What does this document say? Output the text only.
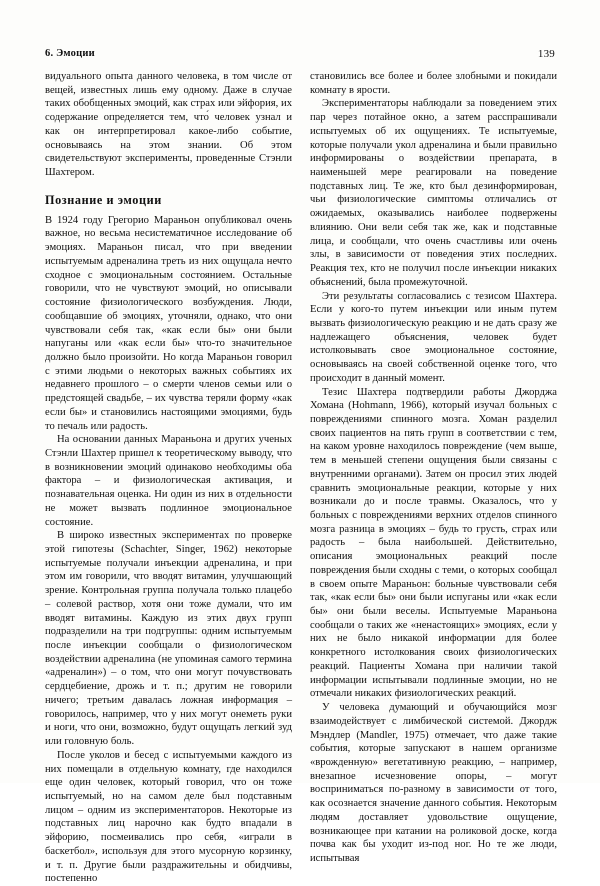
6. Эмоции	139

видуального опыта данного человека, в том числе от вещей, известных лишь ему одному. Даже в случае таких обобщенных эмоций, как страх или эйфория, их содержание определяется тем, что́ человек узнал и как он интерпретировал какое-либо событие, основываясь на этом знании. Об этом свидетельствуют эксперименты, проведенные Стэнли Шахтером.

Познание и эмоции

В 1924 году Грегорио Мараньон опубликовал очень важное, но весьма несистематичное исследование об эмоциях. Мараньон писал, что при введении испытуемым адреналина треть из них ощущала нечто сходное с эмоциональным состоянием. Остальные говорили, что не чувствуют эмоций, но описывали состояние физиологического возбуждения. Люди, сообщавшие об эмоциях, уточняли, однако, что они чувствовали себя так, «как если бы» они были напуганы или «как если бы» что-то значительное должно было произойти. Но когда Мараньон говорил с этими людьми о некоторых важных событиях их недавнего прошлого – о смерти членов семьи или о предстоящей свадьбе, – их чувства теряли форму «как если бы» и становились настоящими эмоциями, будь то печаль или радость.

На основании данных Мараньона и других ученых Стэнли Шахтер пришел к теоретическому выводу, что в возникновении эмоций одинаково необходимы оба фактора – и физиологическая активация, и познавательная оценка. Ни один из них в отдельности не может вызвать подлинное эмоциональное состояние.

В широко известных экспериментах по проверке этой гипотезы (Schachter, Singer, 1962) некоторые испытуемые получали инъекции адреналина, и при этом им говорили, что вводят витамин, улучшающий зрение. Контрольная группа получала только плацебо – солевой раствор, хотя они тоже думали, что им вводят витамины. Каждую из этих двух групп подразделили на три подгруппы: одним испытуемым после инъекции сообщали о физиологическом воздействии адреналина (не упоминая самого термина «адреналин») – о том, что они могут почувствовать сердцебиение, дрожь и т. п.; другим не говорили ничего; третьим давалась ложная информация – говорилось, например, что у них могут онеметь руки и ноги, что они, возможно, будут ощущать легкий зуд или головную боль.

После уколов и бесед с испытуемыми каждого из них помещали в отдельную комнату, где находился еще один человек, который говорил, что он тоже испытуемый, но на самом деле был подставным лицом – одним из экспериментаторов. Некоторые из подставных лиц нарочно как будто впадали в эйфорию, посмеивались про себя, «играли в баскетбол», используя для этого мусорную корзинку, и т. п. Другие были раздражительны и обидчивы, постепенно

становились все более и более злобными и покидали комнату в ярости.

Экспериментаторы наблюдали за поведением этих пар через потайное окно, а затем расспрашивали испытуемых об их ощущениях. Те испытуемые, которые получали укол адреналина и были правильно информированы о воздействии препарата, в наименьшей мере реагировали на поведение подставных лиц. Те же, кто был дезинформирован, чьи физиологические симптомы отличались от ожидаемых, оказывались наиболее подвержены влиянию. Они вели себя так же, как и подставные лица, и сообщали, что очень счастливы или очень злы, в зависимости от поведения этих последних. Реакция тех, кто не получил после инъекции никаких объяснений, была промежуточной.

Эти результаты согласовались с тезисом Шахтера. Если у кого-то путем инъекции или иным путем вызвать физиологическую реакцию и не дать сразу же надлежащего объяснения, человек будет истолковывать свое эмоциональное состояние, основываясь на своей собственной оценке того, что происходит в данный момент.

Тезис Шахтера подтвердили работы Джорджа Хомана (Hohmann, 1966), который изучал больных с повреждениями спинного мозга. Хоман разделил своих пациентов на пять групп в соответствии с тем, на каком уровне находилось повреждение (чем выше, тем в меньшей степени ощущения были связаны с внутренними органами). Затем он просил этих людей сравнить эмоциональные реакции, которые у них возникали до и после травмы. Оказалось, что у больных с повреждениями верхних отделов спинного мозга разница в эмоциях – будь то грусть, страх или радость – была наибольшей. Действительно, описания эмоциональных реакций после повреждения были сходны с теми, о которых сообщал в своем опыте Мараньон: больные чувствовали себя так, «как если бы» они были испуганы или «как если бы» они были веселы. Испытуемые Мараньона сообщали о таких же «ненастоящих» эмоциях, если у них не было никакой информации для более конкретного истолкования своих физиологических реакций. Пациенты Хомана при наличии такой информации испытывали подлинные эмоции, но не отмечали никаких физиологических реакций.

У человека думающий и обучающийся мозг взаимодействует с лимбической системой. Джордж Мэндлер (Mandler, 1975) отмечает, что даже такие события, которые запускают в нашем организме «врожденную» вегетативную реакцию, – например, внезапное исчезновение опоры, – могут восприниматься по-разному в зависимости от того, как осознается значение данного события. Некоторым людям доставляет удовольствие ощущение, возникающее при катании на роликовой доске, когда почва как бы уходит из-под ног. Но те же люди, испытывая
